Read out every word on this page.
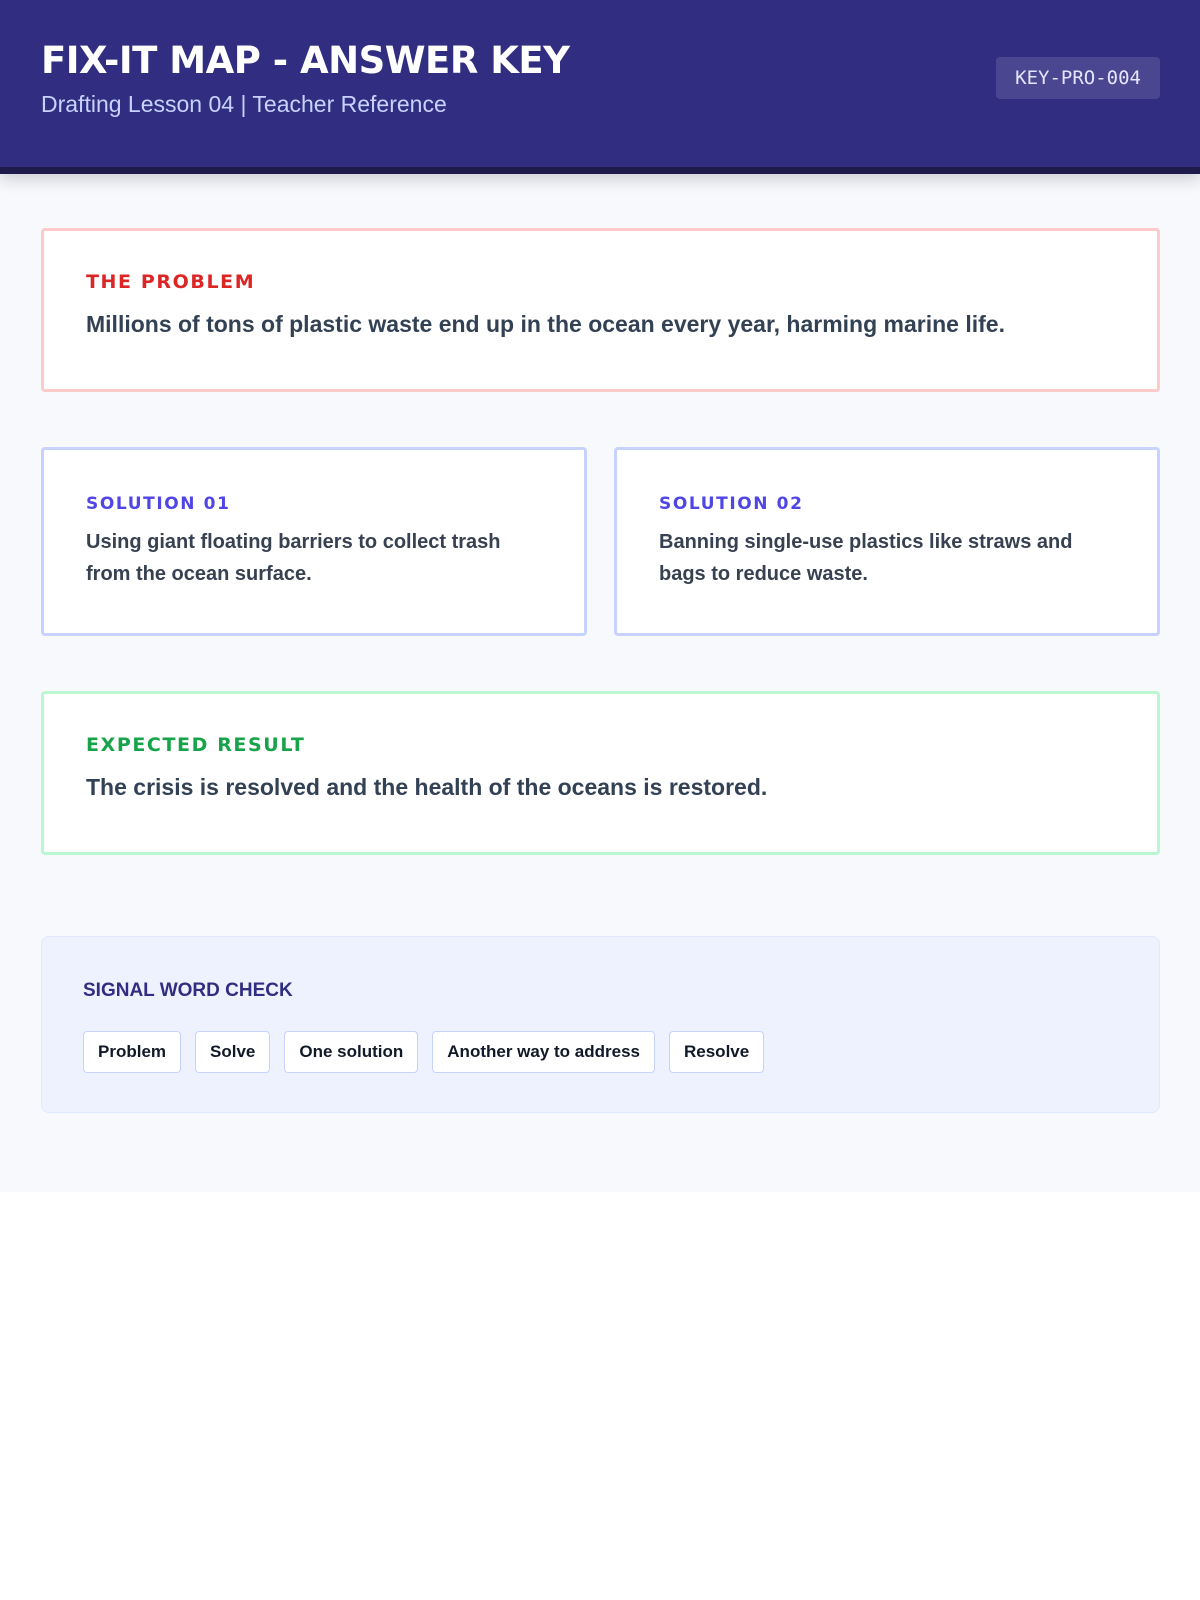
FIX-IT MAP - ANSWER KEY
Drafting Lesson 04 | Teacher Reference
KEY-PRO-004
THE PROBLEM
Millions of tons of plastic waste end up in the ocean every year, harming marine life.
SOLUTION 01
Using giant floating barriers to collect trash from the ocean surface.
SOLUTION 02
Banning single-use plastics like straws and bags to reduce waste.
EXPECTED RESULT
The crisis is resolved and the health of the oceans is restored.
SIGNAL WORD CHECK
Problem	Solve	One solution	Another way to address	Resolve
